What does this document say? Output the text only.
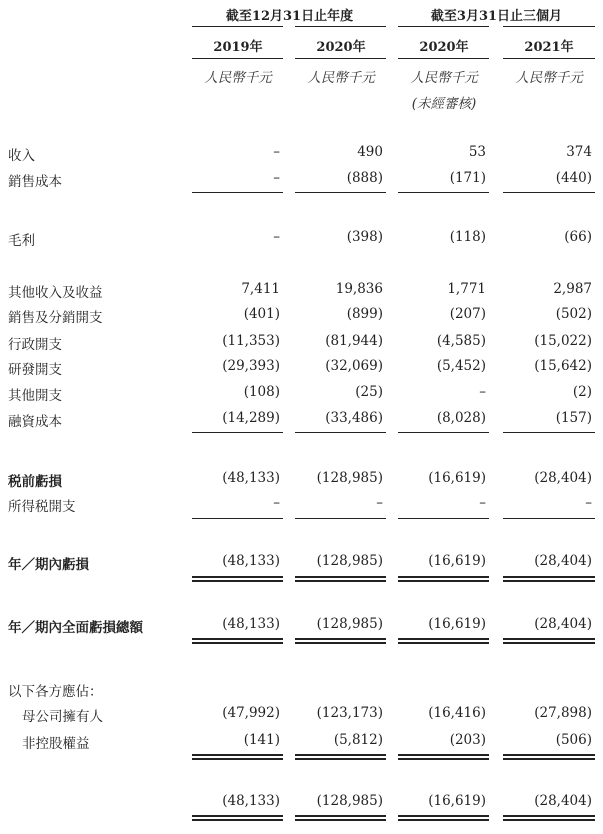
截至12月31日止年度	截至3月31日止三個月
2019年	2020年	2020年	2021年
人民幣千元	人民幣千元	人民幣千元	人民幣千元
(未經審核)
收入	–	490	53	374
銷售成本	–	(888)	(171)	(440)
毛利	–	(398)	(118)	(66)
其他收入及收益	7,411	19,836	1,771	2,987
銷售及分銷開支	(401)	(899)	(207)	(502)
行政開支	(11,353)	(81,944)	(4,585)	(15,022)
研發開支	(29,393)	(32,069)	(5,452)	(15,642)
其他開支	(108)	(25)	–	(2)
融資成本	(14,289)	(33,486)	(8,028)	(157)
税前虧損	(48,133)	(128,985)	(16,619)	(28,404)
所得税開支	–	–	–	–
年／期內虧損	(48,133)	(128,985)	(16,619)	(28,404)
年／期內全面虧損總額	(48,133)	(128,985)	(16,619)	(28,404)
以下各方應佔：
母公司擁有人	(47,992)	(123,173)	(16,416)	(27,898)
非控股權益	(141)	(5,812)	(203)	(506)
(48,133)	(128,985)	(16,619)	(28,404)
